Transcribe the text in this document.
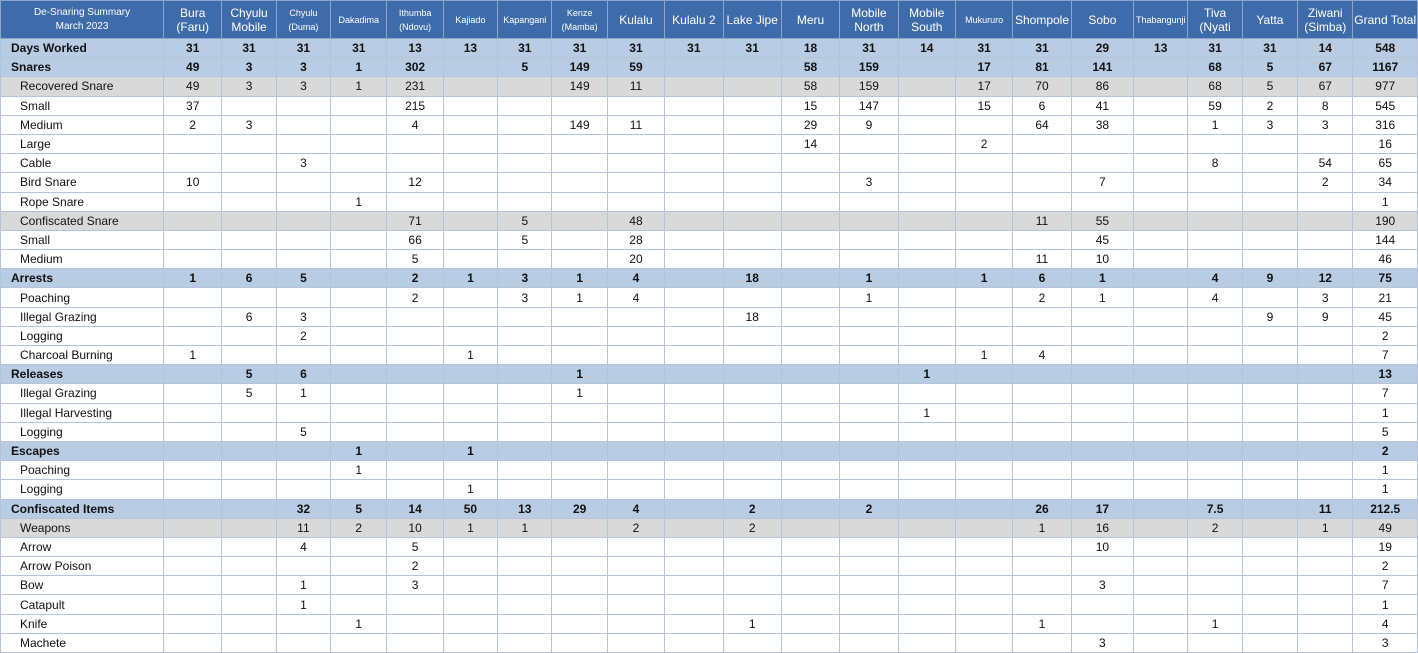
De-Snaring Summary
March 2023	Bura (Faru)	Chyulu Mobile	Chyulu (Duma)	Dakadima	Ithumba (Ndovu)	Kajiado	Kapangani	Kenze (Mamba)	Kulalu	Kulalu 2	Lake Jipe	Meru	Mobile North	Mobile South	Mukururo	Shompole	Sobo	Thabangunji	Tiva (Nyati	Yatta	Ziwani (Simba)	Grand Total
Days Worked	31	31	31	31	13	13	31	31	31	31	31	18	31	14	31	31	29	13	31	31	14	548
Snares	49	3	3	1	302		5	149	59			58	159		17	81	141		68	5	67	1167
Recovered Snare	49	3	3	1	231			149	11			58	159		17	70	86		68	5	67	977
Small	37				215							15	147		15	6	41		59	2	8	545
Medium	2	3			4			149	11			29	9			64	38		1	3	3	316
Large												14			2							16
Cable			3																8		54	65
Bird Snare	10				12								3				7				2	34
Rope Snare				1																		1
Confiscated Snare					71		5		48							11	55					190
Small					66		5		28								45					144
Medium					5				20							11	10					46
Arrests	1	6	5		2	1	3	1	4		18		1		1	6	1		4	9	12	75
Poaching					2		3	1	4				1			2	1		4		3	21
Illegal Grazing		6	3								18									9	9	45
Logging			2																			2
Charcoal Burning	1					1									1	4						7
Releases		5	6					1						1								13
Illegal Grazing		5	1					1														7
Illegal Harvesting														1								1
Logging			5																			5
Escapes				1		1																2
Poaching				1																		1
Logging						1																1
Confiscated Items			32	5	14	50	13	29	4		2		2			26	17		7.5		11	212.5
Weapons			11	2	10	1	1		2		2					1	16		2		1	49
Arrow			4		5												10					19
Arrow Poison					2																	2
Bow			1		3												3					7
Catapult			1																			1
Knife				1							1					1			1			4
Machete																	3					3
